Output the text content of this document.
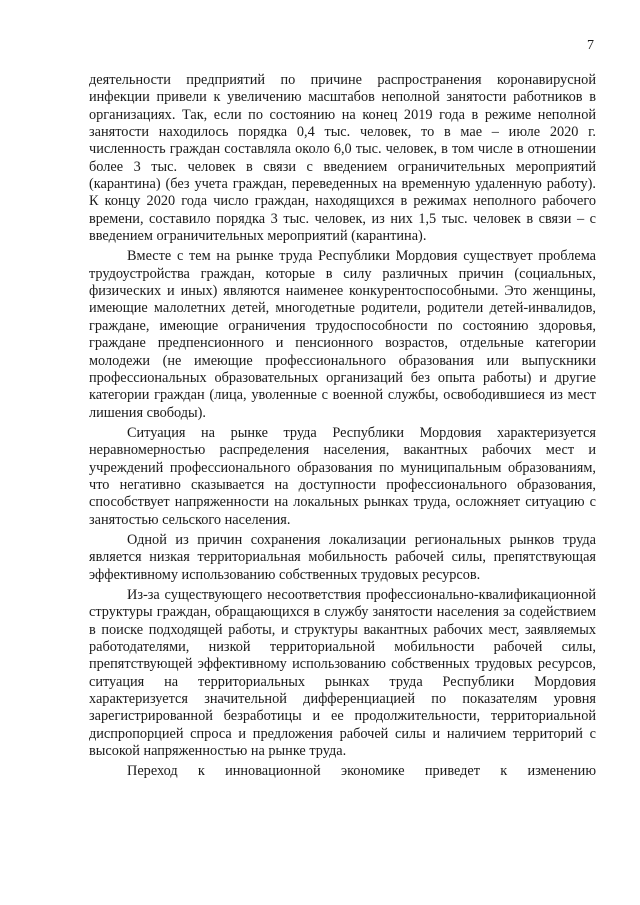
7

деятельности предприятий по причине распространения коронавирусной инфекции привели к увеличению масштабов неполной занятости работников в организациях. Так, если по состоянию на конец 2019 года в режиме неполной занятости находилось порядка 0,4 тыс. человек, то в мае – июле 2020 г. численность граждан составляла около 6,0 тыс. человек, в том числе в отношении более 3 тыс. человек в связи с введением ограничительных мероприятий (карантина) (без учета граждан, переведенных на временную удаленную работу). К концу 2020 года число граждан, находящихся в режимах неполного рабочего времени, составило порядка 3 тыс. человек, из них 1,5 тыс. человек в связи – с введением ограничительных мероприятий (карантина).

Вместе с тем на рынке труда Республики Мордовия существует проблема трудоустройства граждан, которые в силу различных причин (социальных, физических и иных) являются наименее конкурентоспособными. Это женщины, имеющие малолетних детей, многодетные родители, родители детей-инвалидов, граждане, имеющие ограничения трудоспособности по состоянию здоровья, граждане предпенсионного и пенсионного возрастов, отдельные категории молодежи (не имеющие профессионального образования или выпускники профессиональных образовательных организаций без опыта работы) и другие категории граждан (лица, уволенные с военной службы, освободившиеся из мест лишения свободы).

Ситуация на рынке труда Республики Мордовия характеризуется неравномерностью распределения населения, вакантных рабочих мест и учреждений профессионального образования по муниципальным образованиям, что негативно сказывается на доступности профессионального образования, способствует напряженности на локальных рынках труда, осложняет ситуацию с занятостью сельского населения.

Одной из причин сохранения локализации региональных рынков труда является низкая территориальная мобильность рабочей силы, препятствующая эффективному использованию собственных трудовых ресурсов.

Из-за существующего несоответствия профессионально-квалификационной структуры граждан, обращающихся в службу занятости населения за содействием в поиске подходящей работы, и структуры вакантных рабочих мест, заявляемых работодателями, низкой территориальной мобильности рабочей силы, препятствующей эффективному использованию собственных трудовых ресурсов, ситуация на территориальных рынках труда Республики Мордовия характеризуется значительной дифференциацией по показателям уровня зарегистрированной безработицы и ее продолжительности, территориальной диспропорцией спроса и предложения рабочей силы и наличием территорий с высокой напряженностью на рынке труда.

Переход к инновационной экономике приведет к изменению
